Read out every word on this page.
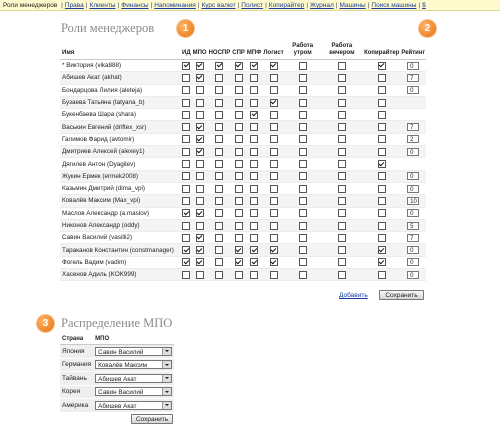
Роли менеджеров | Права | Клиенты | Финансы | Напоминания | Курс валют | Полист | Копирайтер | Журнал | Машины | Поиск машины | $
1
Роли менеджеров	2
Имя	ИД	МПО	НОСПР	СПР	МПФ	Логист	Работа утром	Работа вечером	Копирайтер	Рейтинг
* Виктория (vika888)										0
Абишев Акат (akhat)										7
Бондарцова Лилия (aleteja)										0
Бузаева Татьяна (tatyana_b)										
Букенбаева Шара (shara)										
Васькин Евгений (driftex_xsr)										7
Галимов Фарид (avtomir)										2
Дмитриев Алексей (alexey1)										0
Дягилев Антон (Dyagilev)										
Жукин Ермек (ermek2008)										0
Казьмин Дмитрий (dima_vpi)										0
Ковалёв Максим (Max_vpi)										10
Маслов Александр (a.maslov)										0
Никонов Александр (oddy)										5
Савин Василий (vasilli2)										7
Тараканов Константин (constmanager)										0
Фогель Вадим (vadim)										0
Хасенов Адиль (KOK999)										0
Добавить	Сохранить
3	Распределение МПО
Страна	МПО
Япония	Савин Василий

Германия	Ковалёв Максим

Тайвань	Абишев Акат

Корея	Савин Василий

Америка	Абишев Акат
Сохранить
